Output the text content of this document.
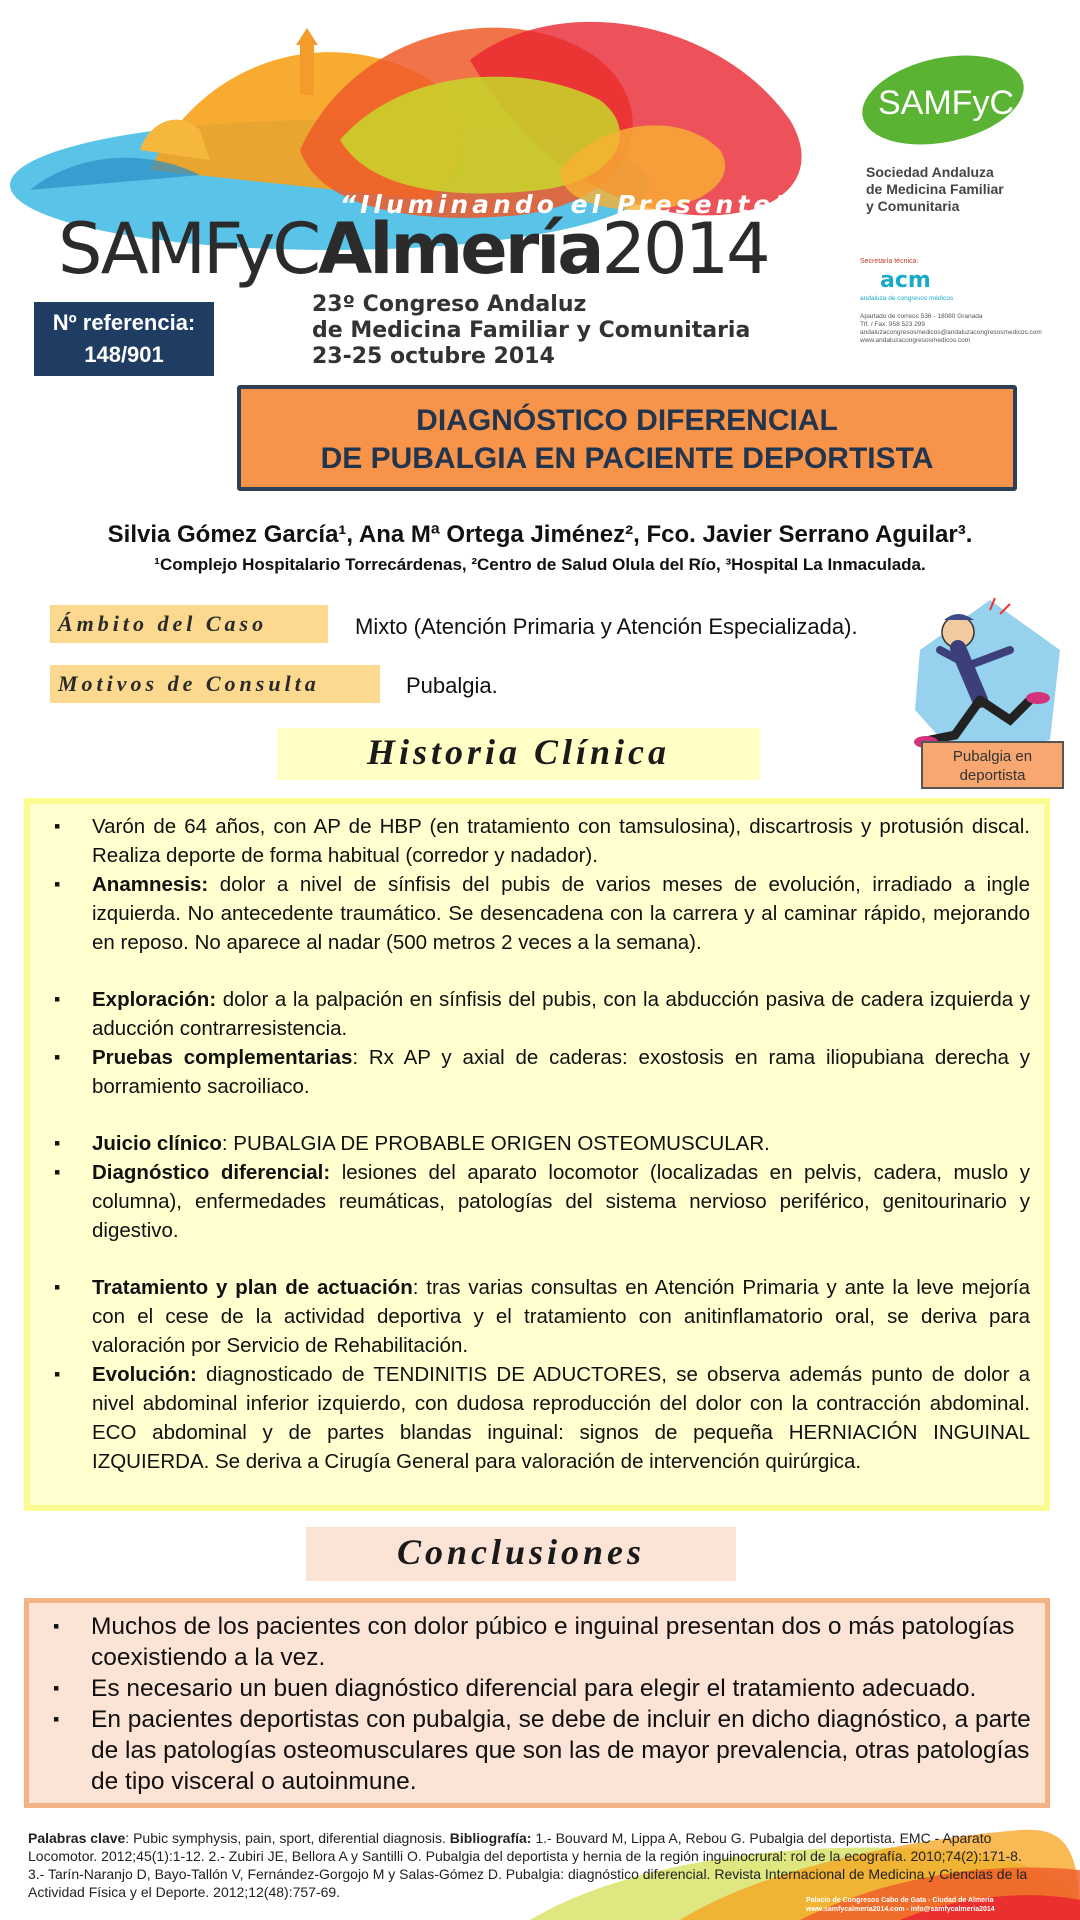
“Iluminando el Presente”
SAMFyCAlmería2014
23º Congreso Andaluz
de Medicina Familiar y Comunitaria
23-25 octubre 2014
Nº referencia:
148/901
SAMFyC
Sociedad Andaluza
de Medicina Familiar
y Comunitaria
Secretaría técnica:
acm
andaluza de congresos médicos
Apartado de correos 536 - 18080 Granada
Tlf. / Fax. 958 523 299
andaluzacongresosmedicos@andaluzacongresosmedicos.com
www.andaluzacongresosmedicos.com
DIAGNÓSTICO DIFERENCIAL
DE PUBALGIA EN PACIENTE DEPORTISTA
Silvia Gómez García¹, Ana Mª Ortega Jiménez², Fco. Javier Serrano Aguilar³.
¹Complejo Hospitalario Torrecárdenas, ²Centro de Salud Olula del Río, ³Hospital La Inmaculada.
Ámbito del Caso	Mixto (Atención Primaria y Atención Especializada).
Motivos de Consulta	Pubalgia.
Pubalgia en deportista
Historia Clínica
▪ Varón de 64 años, con AP de HBP (en tratamiento con tamsulosina), discartrosis y protusión discal. Realiza deporte de forma habitual (corredor y nadador).
▪ Anamnesis: dolor a nivel de sínfisis del pubis de varios meses de evolución, irradiado a ingle izquierda. No antecedente traumático. Se desencadena con la carrera y al caminar rápido, mejorando en reposo. No aparece al nadar (500 metros 2 veces a la semana).
▪ Exploración: dolor a la palpación en sínfisis del pubis, con la abducción pasiva de cadera izquierda y aducción contrarresistencia.
▪ Pruebas complementarias: Rx AP y axial de caderas: exostosis en rama iliopubiana derecha y borramiento sacroiliaco.
▪ Juicio clínico: PUBALGIA DE PROBABLE ORIGEN OSTEOMUSCULAR.
▪ Diagnóstico diferencial: lesiones del aparato locomotor (localizadas en pelvis, cadera, muslo y columna), enfermedades reumáticas, patologías del sistema nervioso periférico, genitourinario y digestivo.
▪ Tratamiento y plan de actuación: tras varias consultas en Atención Primaria y ante la leve mejoría con el cese de la actividad deportiva y el tratamiento con anitinflamatorio oral, se deriva para valoración por Servicio de Rehabilitación.
▪ Evolución: diagnosticado de TENDINITIS DE ADUCTORES, se observa además punto de dolor a nivel abdominal inferior izquierdo, con dudosa reproducción del dolor con la contracción abdominal. ECO abdominal y de partes blandas inguinal: signos de pequeña HERNIACIÓN INGUINAL IZQUIERDA. Se deriva a Cirugía General para valoración de intervención quirúrgica.
Conclusiones
▪ Muchos de los pacientes con dolor púbico e inguinal presentan dos o más patologías coexistiendo a la vez.
▪ Es necesario un buen diagnóstico diferencial para elegir el tratamiento adecuado.
▪ En pacientes deportistas con pubalgia, se debe de incluir en dicho diagnóstico, a parte de las patologías osteomusculares que son las de mayor prevalencia, otras patologías de tipo visceral o autoinmune.
Palabras clave: Pubic symphysis, pain, sport, diferential diagnosis. Bibliografía: 1.- Bouvard M, Lippa A, Rebou G. Pubalgia del deportista. EMC - Aparato Locomotor. 2012;45(1):1-12. 2.- Zubiri JE, Bellora A y Santilli O. Pubalgia del deportista y hernia de la región inguinocrural: rol de la ecografía. 2010;74(2):171-8. 3.- Tarín-Naranjo D, Bayo-Tallón V, Fernández-Gorgojo M y Salas-Gómez D. Pubalgia: diagnóstico diferencial. Revista Internacional de Medicina y Ciencias de la Actividad Física y el Deporte. 2012;12(48):757-69.
Palacio de Congresos Cabo de Gata - Ciudad de Almería
www.samfycalmeria2014.com - info@samfycalmeria2014
